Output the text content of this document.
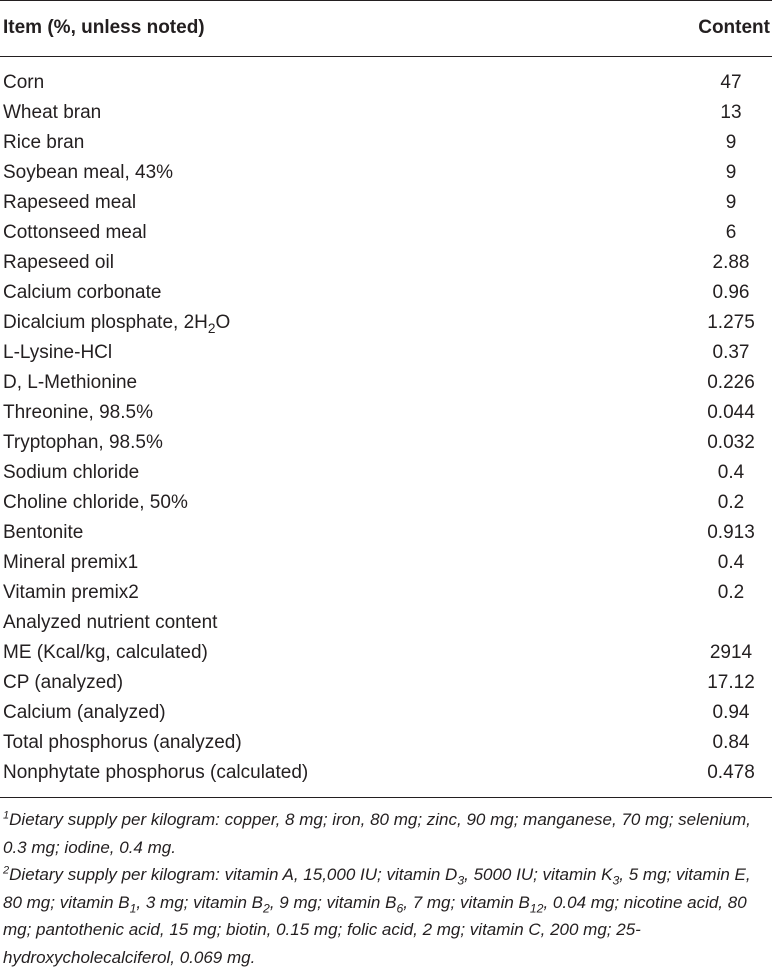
Item (%, unless noted)	Content
Corn	47
Wheat bran	13
Rice bran	9
Soybean meal, 43%	9
Rapeseed meal	9
Cottonseed meal	6
Rapeseed oil	2.88
Calcium corbonate	0.96
Dicalcium plosphate, $2H_2O$	1.275
L-Lysine-HCl	0.37
D, L-Methionine	0.226
Threonine, 98.5%	0.044
Tryptophan, 98.5%	0.032
Sodium chloride	0.4
Choline chloride, 50%	0.2
Bentonite	0.913
Mineral premix1	0.4
Vitamin premix2	0.2
Analyzed nutrient content
ME (Kcal/kg, calculated)	2914
CP (analyzed)	17.12
Calcium (analyzed)	0.94
Total phosphorus (analyzed)	0.84
Nonphytate phosphorus (calculated)	0.478

$^1$Dietary supply per kilogram: copper, 8 mg; iron, 80 mg; zinc, 90 mg; manganese, 70 mg; selenium, 0.3 mg; iodine, 0.4 mg.

$^2$Dietary supply per kilogram: vitamin A, 15,000 IU; vitamin $D_3$, 5000 IU; vitamin $K_3$, 5 mg; vitamin E, 80 mg; vitamin $B_1$, 3 mg; vitamin $B_2$, 9 mg; vitamin $B_6$, 7 mg; vitamin $B_{12}$, 0.04 mg; nicotine acid, 80 mg; pantothenic acid, 15 mg; biotin, 0.15 mg; folic acid, 2 mg; vitamin C, 200 mg; 25-hydroxycholecalciferol, 0.069 mg.
